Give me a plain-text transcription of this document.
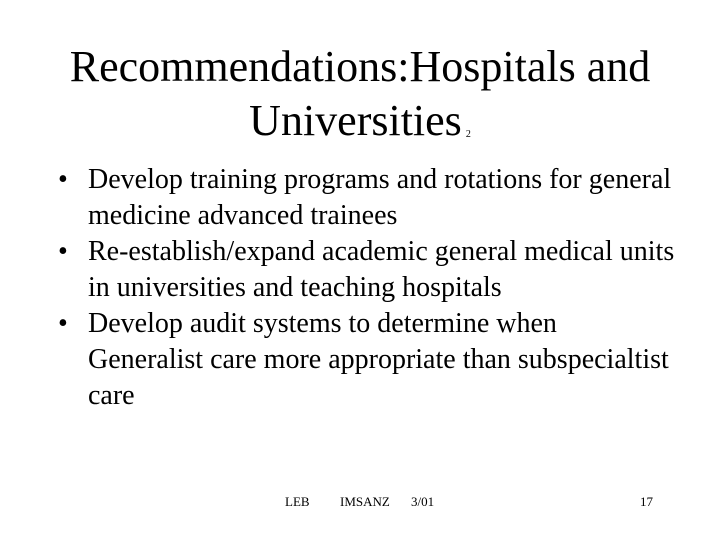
Recommendations:Hospitals and
Universities 2
• Develop training programs and rotations for general medicine advanced trainees
• Re-establish/expand academic general medical units in universities and teaching hospitals
• Develop audit systems to determine when Generalist care more appropriate than subspecialtist care
LEB IMSANZ 3/01	17
